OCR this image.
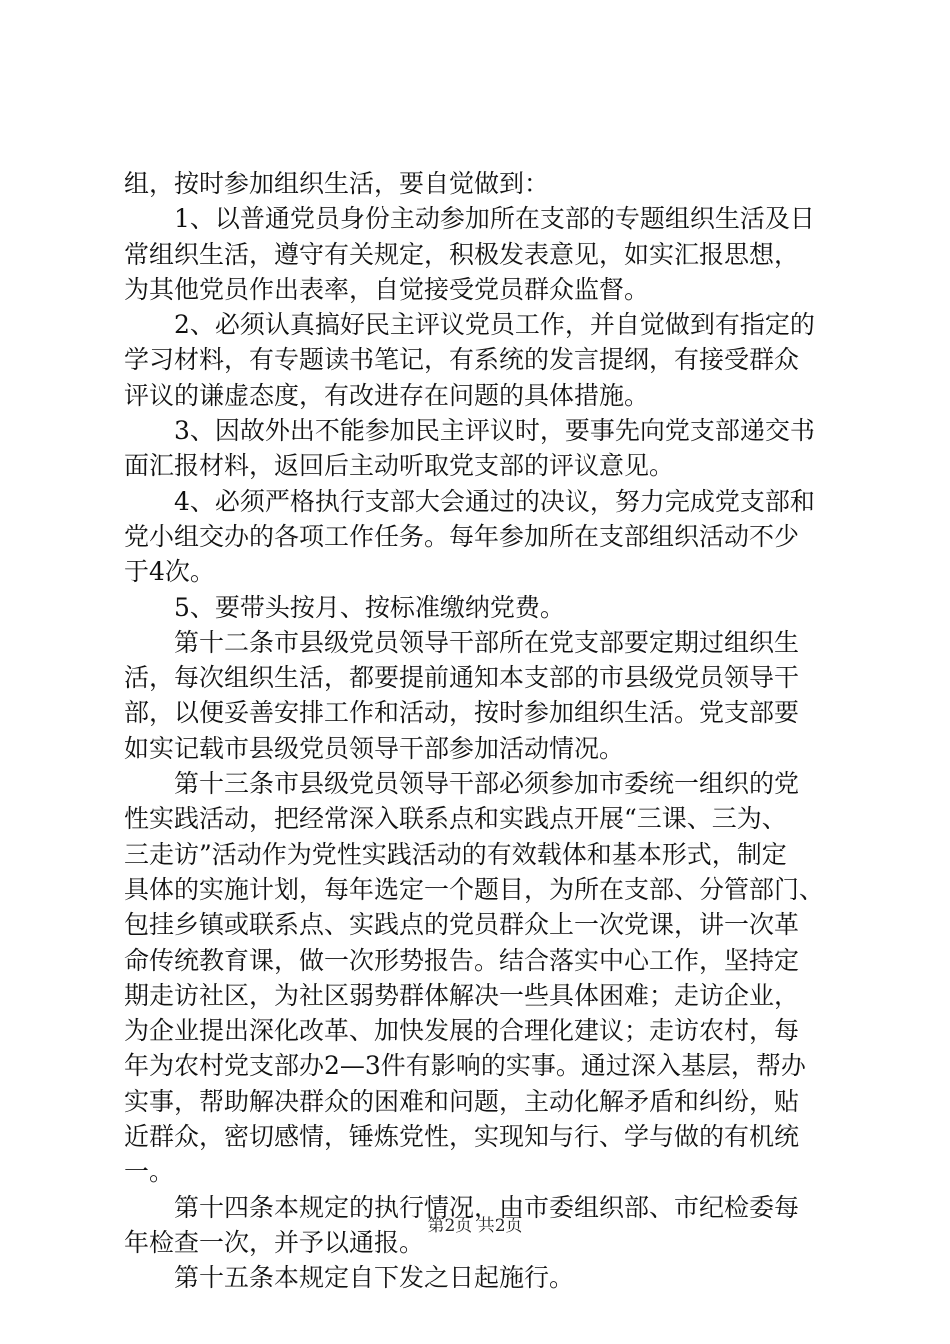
组，按时参加组织生活，要自觉做到：
　　1、以普通党员身份主动参加所在支部的专题组织生活及日
常组织生活，遵守有关规定，积极发表意见，如实汇报思想，
为其他党员作出表率，自觉接受党员群众监督。
　　2、必须认真搞好民主评议党员工作，并自觉做到有指定的
学习材料，有专题读书笔记，有系统的发言提纲，有接受群众
评议的谦虚态度，有改进存在问题的具体措施。
　　3、因故外出不能参加民主评议时，要事先向党支部递交书
面汇报材料，返回后主动听取党支部的评议意见。
　　4、必须严格执行支部大会通过的决议，努力完成党支部和
党小组交办的各项工作任务。每年参加所在支部组织活动不少
于4次。
　　5、要带头按月、按标准缴纳党费。
　　第十二条市县级党员领导干部所在党支部要定期过组织生
活，每次组织生活，都要提前通知本支部的市县级党员领导干
部，以便妥善安排工作和活动，按时参加组织生活。党支部要
如实记载市县级党员领导干部参加活动情况。
　　第十三条市县级党员领导干部必须参加市委统一组织的党
性实践活动，把经常深入联系点和实践点开展“三课、三为、
三走访”活动作为党性实践活动的有效载体和基本形式，制定
具体的实施计划，每年选定一个题目，为所在支部、分管部门、
包挂乡镇或联系点、实践点的党员群众上一次党课，讲一次革
命传统教育课，做一次形势报告。结合落实中心工作，坚持定
期走访社区，为社区弱势群体解决一些具体困难；走访企业，
为企业提出深化改革、加快发展的合理化建议；走访农村，每
年为农村党支部办2—3件有影响的实事。通过深入基层，帮办
实事，帮助解决群众的困难和问题，主动化解矛盾和纠纷，贴
近群众，密切感情，锤炼党性，实现知与行、学与做的有机统
一。
　　第十四条本规定的执行情况，由市委组织部、市纪检委每
年检查一次，并予以通报。
　　第十五条本规定自下发之日起施行。
第2页 共2页
